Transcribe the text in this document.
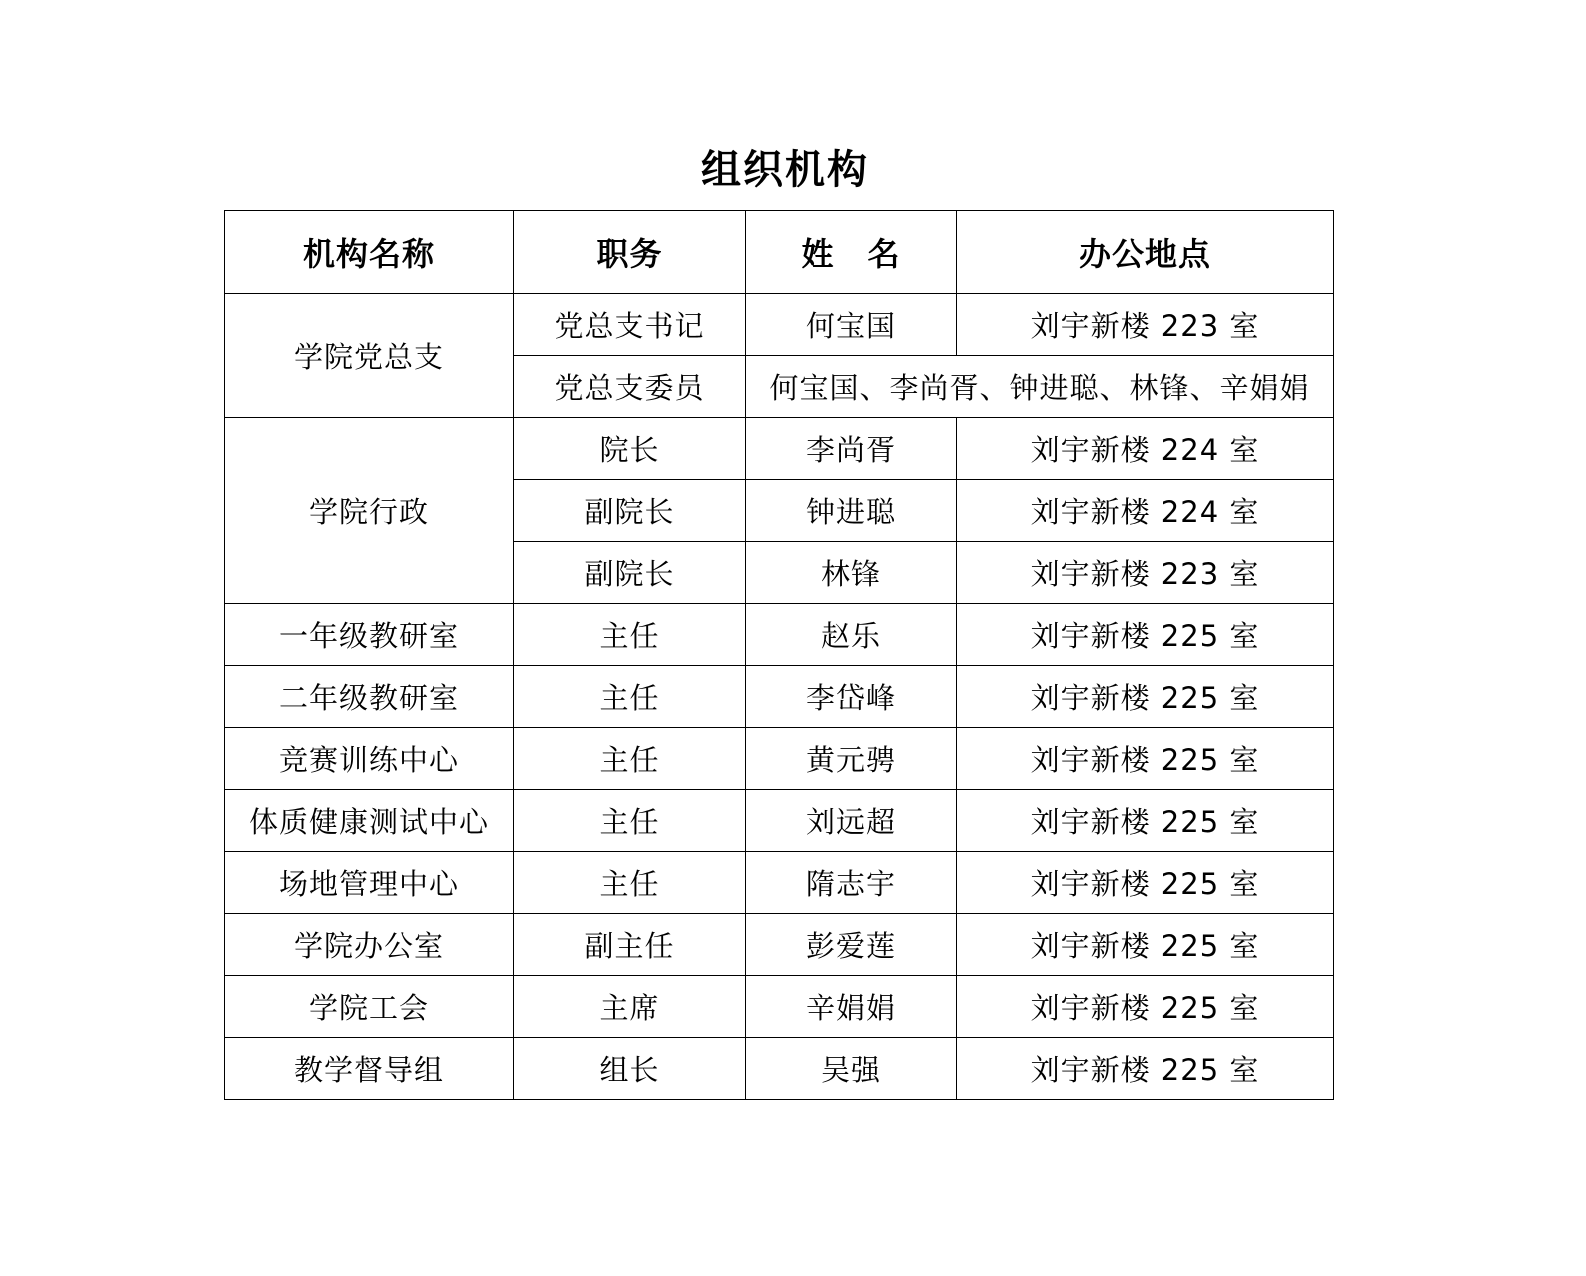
组织机构
机构名称	职务	姓　名	办公地点
学院党总支	党总支书记	何宝国	刘宇新楼 223 室
	党总支委员	何宝国、李尚胥、钟进聪、林锋、辛娟娟	
学院行政	院长	李尚胥	刘宇新楼 224 室
	副院长	钟进聪	刘宇新楼 224 室
	副院长	林锋	刘宇新楼 223 室
一年级教研室	主任	赵乐	刘宇新楼 225 室
二年级教研室	主任	李岱峰	刘宇新楼 225 室
竞赛训练中心	主任	黄元骋	刘宇新楼 225 室
体质健康测试中心	主任	刘远超	刘宇新楼 225 室
场地管理中心	主任	隋志宇	刘宇新楼 225 室
学院办公室	副主任	彭爱莲	刘宇新楼 225 室
学院工会	主席	辛娟娟	刘宇新楼 225 室
教学督导组	组长	吴强	刘宇新楼 225 室
